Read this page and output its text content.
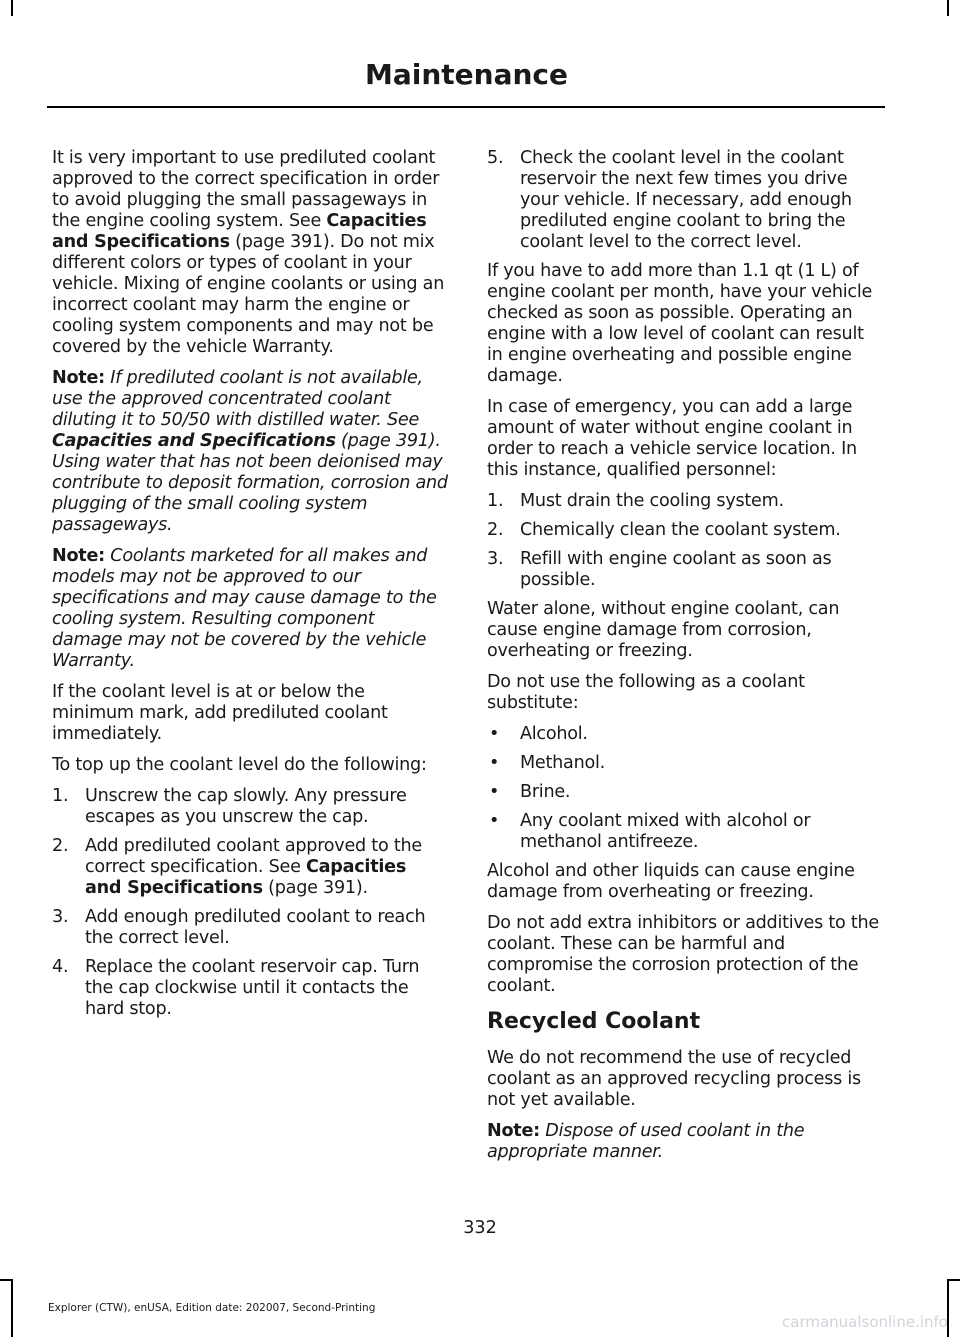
Maintenance

It is very important to use prediluted coolant approved to the correct specification in order to avoid plugging the small passageways in the engine cooling system. See Capacities and Specifications (page 391). Do not mix different colors or types of coolant in your vehicle. Mixing of engine coolants or using an incorrect coolant may harm the engine or cooling system components and may not be covered by the vehicle Warranty.

Note: If prediluted coolant is not available, use the approved concentrated coolant diluting it to 50/50 with distilled water. See Capacities and Specifications (page 391). Using water that has not been deionised may contribute to deposit formation, corrosion and plugging of the small cooling system passageways.

Note: Coolants marketed for all makes and models may not be approved to our specifications and may cause damage to the cooling system. Resulting component damage may not be covered by the vehicle Warranty.

If the coolant level is at or below the minimum mark, add prediluted coolant immediately.

To top up the coolant level do the following:

1. Unscrew the cap slowly. Any pressure escapes as you unscrew the cap.
2. Add prediluted coolant approved to the correct specification. See Capacities and Specifications (page 391).
3. Add enough prediluted coolant to reach the correct level.
4. Replace the coolant reservoir cap. Turn the cap clockwise until it contacts the hard stop.
5. Check the coolant level in the coolant reservoir the next few times you drive your vehicle. If necessary, add enough prediluted engine coolant to bring the coolant level to the correct level.

If you have to add more than 1.1 qt (1 L) of engine coolant per month, have your vehicle checked as soon as possible. Operating an engine with a low level of coolant can result in engine overheating and possible engine damage.

In case of emergency, you can add a large amount of water without engine coolant in order to reach a vehicle service location. In this instance, qualified personnel:

1. Must drain the cooling system.
2. Chemically clean the coolant system.
3. Refill with engine coolant as soon as possible.

Water alone, without engine coolant, can cause engine damage from corrosion, overheating or freezing.

Do not use the following as a coolant substitute:

• Alcohol.
• Methanol.
• Brine.
• Any coolant mixed with alcohol or methanol antifreeze.

Alcohol and other liquids can cause engine damage from overheating or freezing.

Do not add extra inhibitors or additives to the coolant. These can be harmful and compromise the corrosion protection of the coolant.

Recycled Coolant

We do not recommend the use of recycled coolant as an approved recycling process is not yet available.

Note: Dispose of used coolant in the appropriate manner.

332
Explorer (CTW), enUSA, Edition date: 202007, Second-Printing
carmanualsonline.info
